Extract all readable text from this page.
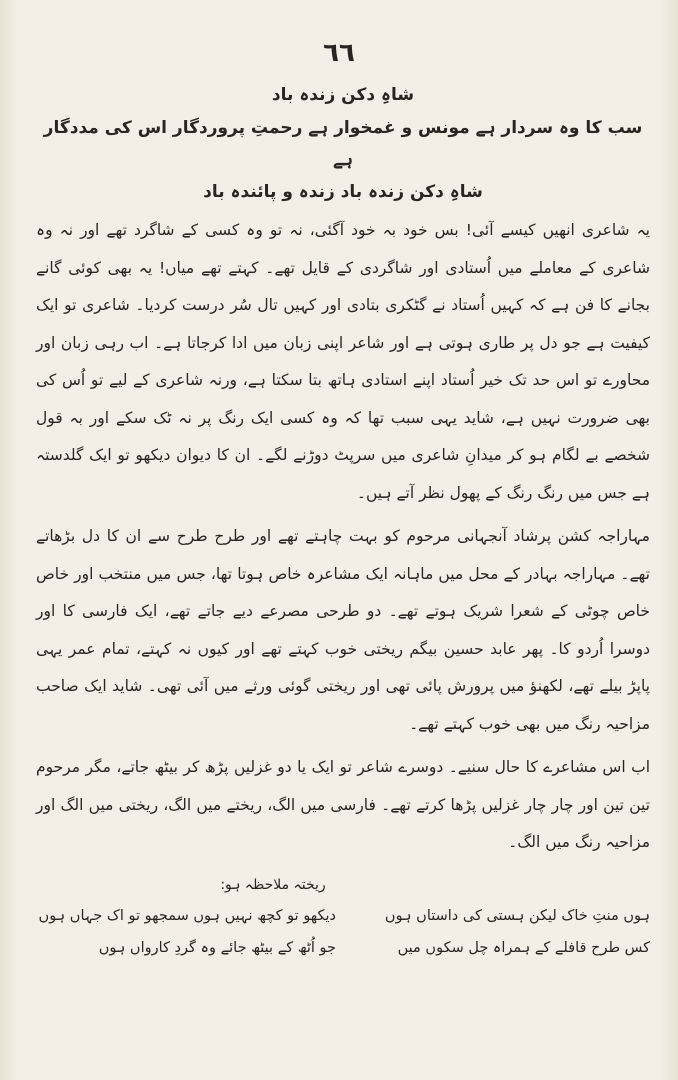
٦٦

شاہِ دکن زندہ باد

سب کا وہ سردار ہے مونس و غمخوار ہے رحمتِ پروردگار اس کی مددگار ہے

شاہِ دکن زندہ باد زندہ و پائندہ باد

یہ شاعری انھیں کیسے آئی! بس خود بہ خود آگئی، نہ تو وہ کسی کے شاگرد تھے اور نہ وہ شاعری کے معاملے میں اُستادی اور شاگردی کے قایل تھے۔ کہتے تھے میاں! یہ بھی کوئی گانے بجانے کا فن ہے کہ کہیں اُستاد نے گٹکری بتادی اور کہیں تال سُر درست کردیا۔ شاعری تو ایک کیفیت ہے جو دل پر طاری ہوتی ہے اور شاعر اپنی زبان میں ادا کرجاتا ہے۔ اب رہی زبان اور محاورے تو اس حد تک خیر اُستاد اپنے استادی ہاتھ بتا سکتا ہے، ورنہ شاعری کے لیے تو اُس کی بھی ضرورت نہیں ہے، شاید یہی سبب تھا کہ وہ کسی ایک رنگ پر نہ ٹک سکے اور بہ قول شخصے بے لگام ہو کر میدانِ شاعری میں سرپٹ دوڑنے لگے۔ ان کا دیوان دیکھو تو ایک گلدستہ ہے جس میں رنگ رنگ کے پھول نظر آتے ہیں۔

مہاراجہ کشن پرشاد آنجہانی مرحوم کو بہت چاہتے تھے اور طرح طرح سے ان کا دل بڑھاتے تھے۔ مہاراجہ بہادر کے محل میں ماہانہ ایک مشاعرہ خاص ہوتا تھا، جس میں منتخب اور خاص خاص چوٹی کے شعرا شریک ہوتے تھے۔ دو طرحی مصرعے دیے جاتے تھے، ایک فارسی کا اور دوسرا اُردو کا۔ پھر عابد حسین بیگم ریختی خوب کہتے تھے اور کیوں نہ کہتے، تمام عمر یہی پاپڑ بیلے تھے، لکھنؤ میں پرورش پائی تھی اور ریختی گوئی ورثے میں آئی تھی۔ شاید ایک صاحب مزاحیہ رنگ میں بھی خوب کہتے تھے۔

اب اس مشاعرے کا حال سنیے۔ دوسرے شاعر تو ایک یا دو غزلیں پڑھ کر بیٹھ جاتے، مگر مرحوم تین تین اور چار چار غزلیں پڑھا کرتے تھے۔ فارسی میں الگ، ریختے میں الگ، ریختی میں الگ اور مزاحیہ رنگ میں الگ۔

ریختہ ملاحظہ ہو:
ہوں منتِ خاک لیکن ہستی کی داستاں ہوں
کس طرح قافلے کے ہمراہ چل سکوں میں
دیکھو تو کچھ نہیں ہوں سمجھو تو اک جہاں ہوں
جو اُٹھ کے بیٹھ جائے وہ گردِ کارواں ہوں
